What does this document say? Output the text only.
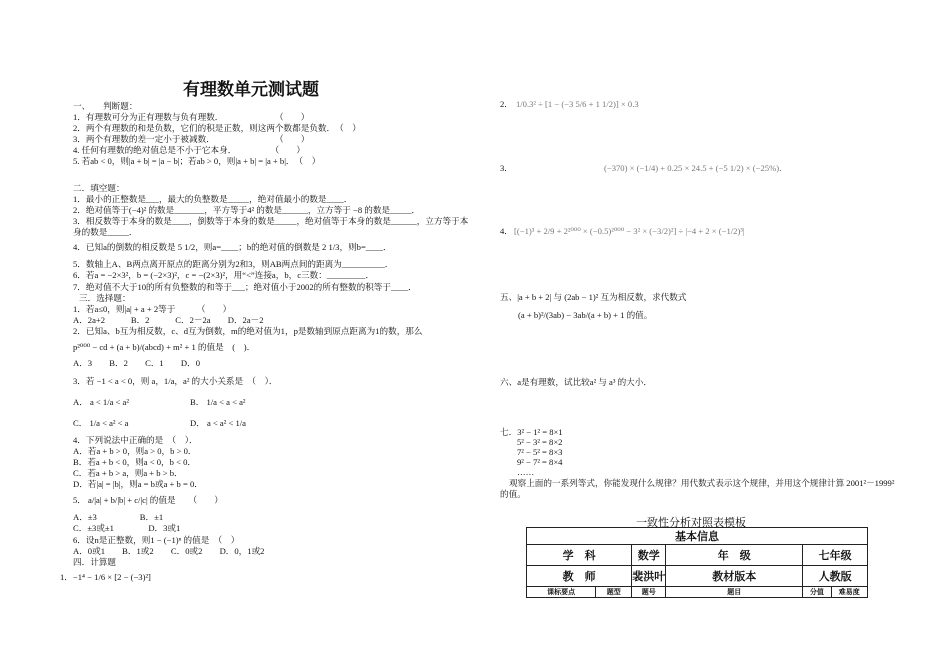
有理数单元测试题
一、　　判断题：
1．有理数可分为正有理数与负有理数．　　　　　　　（　　）
2．两个有理数的和是负数，它们的积是正数，则这两个数都是负数．　（　）
3．两个有理数的差一定小于被减数．　　　　　　　　（　　）
4. 任何有理数的绝对值总是不小于它本身．　　　　　（　　）
5. 若ab < 0，则|a + b| = |a − b|；若ab > 0，则|a + b| = |a + b|．　（　）
二．填空题：
1．最小的正整数是___，最大的负整数是_____，绝对值最小的数是____．
2．绝对值等于(−4)² 的数是_______，平方等于4² 的数是______，立方等于 −8 的数是_____．
3．相反数等于本身的数是____，倒数等于本身的数是_____，绝对值等于本身的数是______，立方等于本
身的数是_____．
4．已知a的倒数的相反数是 5 1/2，则a=____；b的绝对值的倒数是 2 1/3，则b=____．
5．数轴上A、B两点离开原点的距离分别为2和3，则AB两点间的距离为__________．
6．若a = −2×3²，b = (−2×3)²，c = −(2×3)²，用“<”连接a，b，c三数：_________．
7．绝对值不大于10的所有负整数的和等于___；绝对值小于2002的所有整数的积等于____．
三．选择题：
1．若a≤0，则|a| + a + 2等于　　　（　　）
A．2a+2　　　B．2　　　C．2－2a　　D．2a－2
2．已知a、b互为相反数，c、d互为倒数，m的绝对值为1，p是数轴到原点距离为1的数，那么
p²⁰⁰⁰ − cd + (a + b)/(abcd) + m² + 1 的值是　(　)．
A．3　　B．2　　C．1　　D．0
3．若 −1 < a < 0，则 a，1/a，a² 的大小关系是　（　）．
A． a < 1/a < a²	B． 1/a < a < a²
C． 1/a < a² < a	D． a < a² < 1/a
4．下列说法中正确的是　（　）．
A．若a + b > 0，则a > 0，b > 0．
B．若a + b < 0，则a < 0，b < 0．
C．若a + b > a，则a + b > b．
D．若|a| = |b|，则a = b或a + b = 0．
5． a/|a| + b/|b| + c/|c| 的值是　　（　　）
A．±3　　　　　B．±1
C．±3或±1　　　　D．3或1
6．设n是正整数，则1 − (−1)ⁿ 的值是　（　）
A．0或1　　B．1或2　　C．0或2　　D．0，1或2
四．计算题
1．−1⁴ − 1/6 × [2 − (−3)²]
2． 1/0.3² ÷ [1 − (−3 5/6 + 1 1/2)] × 0.3
3．	(−370) × (−1/4) + 0.25 × 24.5 + (−5 1/2) × (−25%)．
4． [(−1)³ + 2/9 + 2²⁰⁰⁰ × (−0.5)²⁰⁰⁰ − 3² × (−3/2)²] ÷ |−4 + 2 × (−1/2)³|
五、|a + b + 2| 与 (2ab − 1)² 互为相反数，求代数式
(a + b)²/(3ab) − 3ab/(a + b) + 1 的值。
六、a是有理数，试比较a² 与 a³ 的大小．
七．3² − 1² = 8×1
5² − 3² = 8×2
7² − 5² = 8×3
9² − 7² = 8×4
……
观察上面的一系列等式，你能发现什么规律？用代数式表示这个规律，并用这个规律计算 2001²－1999²
的值。
一致性分析对照表模板
基本信息					
学　科		数学	年　级	七年级	
教　师		裴洪叶	教材版本	人教版	
课标要点	题型	题号	题目	分值	难易度
